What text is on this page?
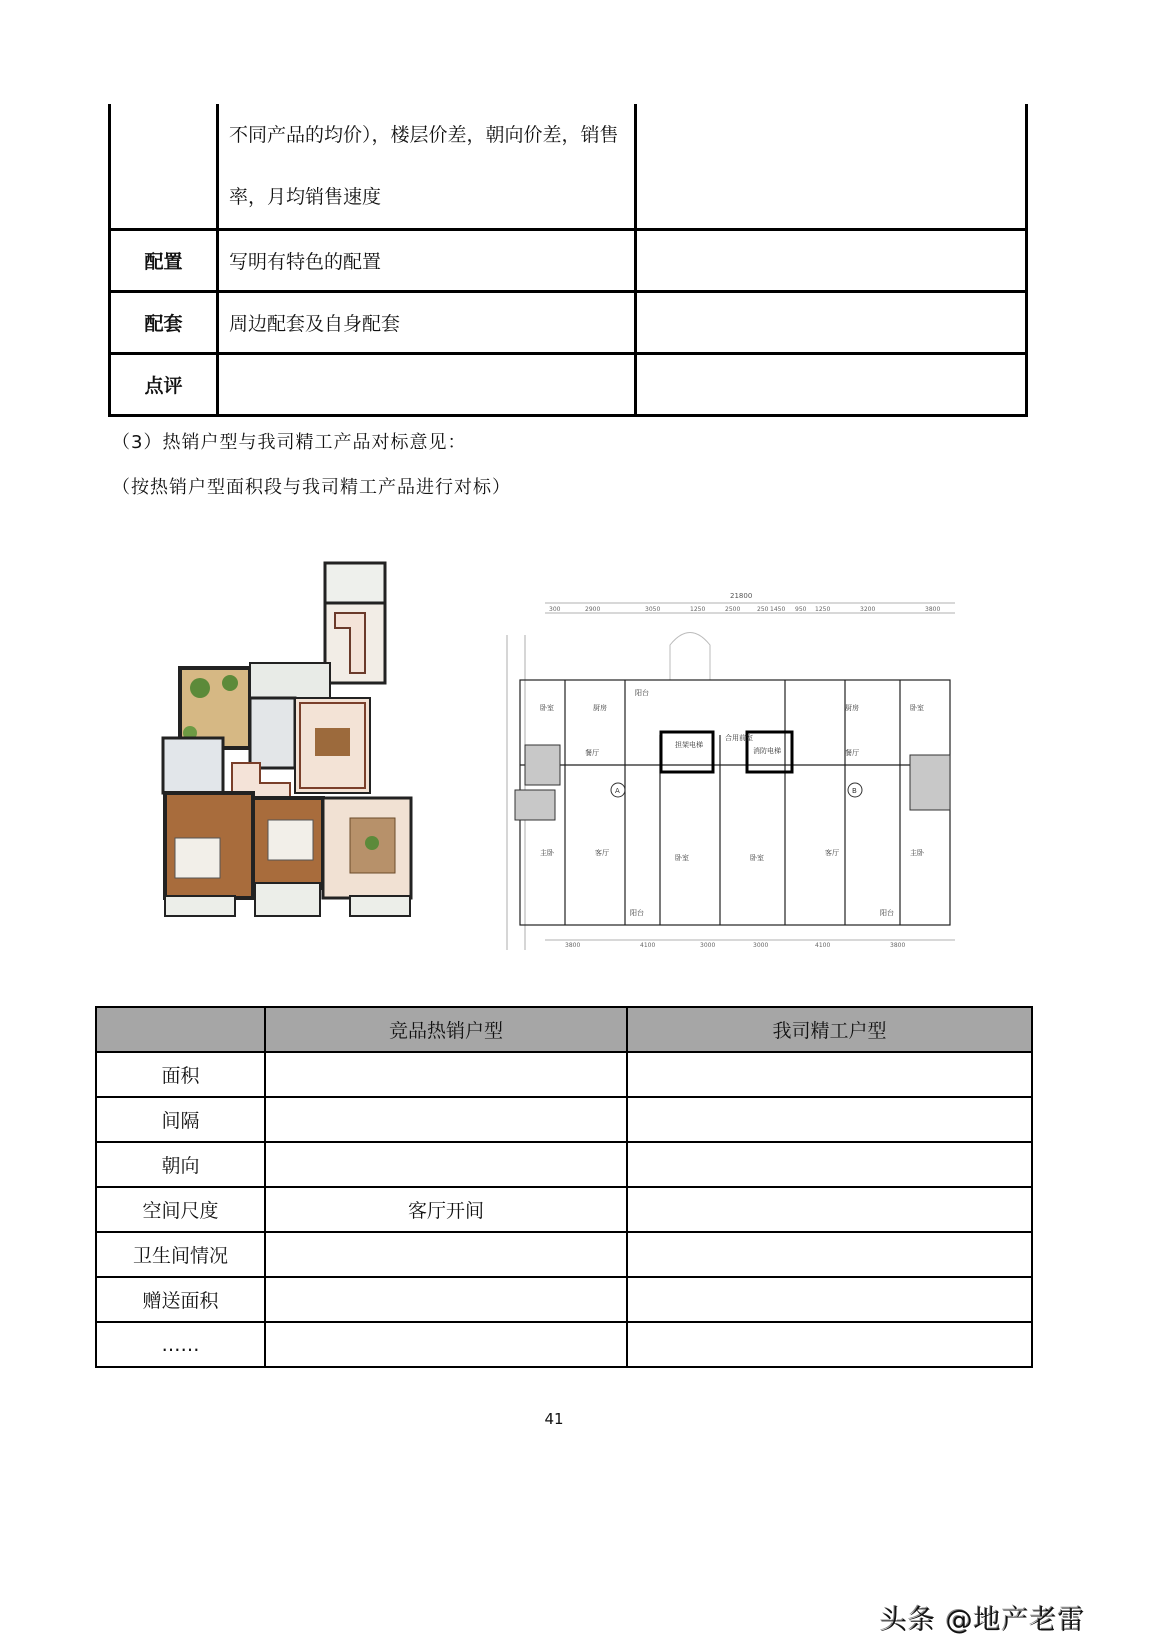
	不同产品的均价），楼层价差，朝向价差，销售
率，月均销售速度	

配置	写明有特色的配置	
配套	周边配套及自身配套	
点评		
（3）热销户型与我司精工产品对标意见：
（按热销户型面积段与我司精工产品进行对标）
21800
300	2900	3050	1250	2500	250 1450 950 1250	3200	3800
3800	4100	3000	3000	4100	3800
A	B
卧室	厨房
阳台
餐厅
担架电梯
合用前室
消防电梯
厨房	卧室
餐厅
主卧	客厅
卧室	卧室
客厅	主卧
阳台	阳台
	竞品热销户型	我司精工户型
面积		
间隔		
朝向		
空间尺度	客厅开间	
卫生间情况		
赠送面积		
……		
41
头条 @地产老雷
